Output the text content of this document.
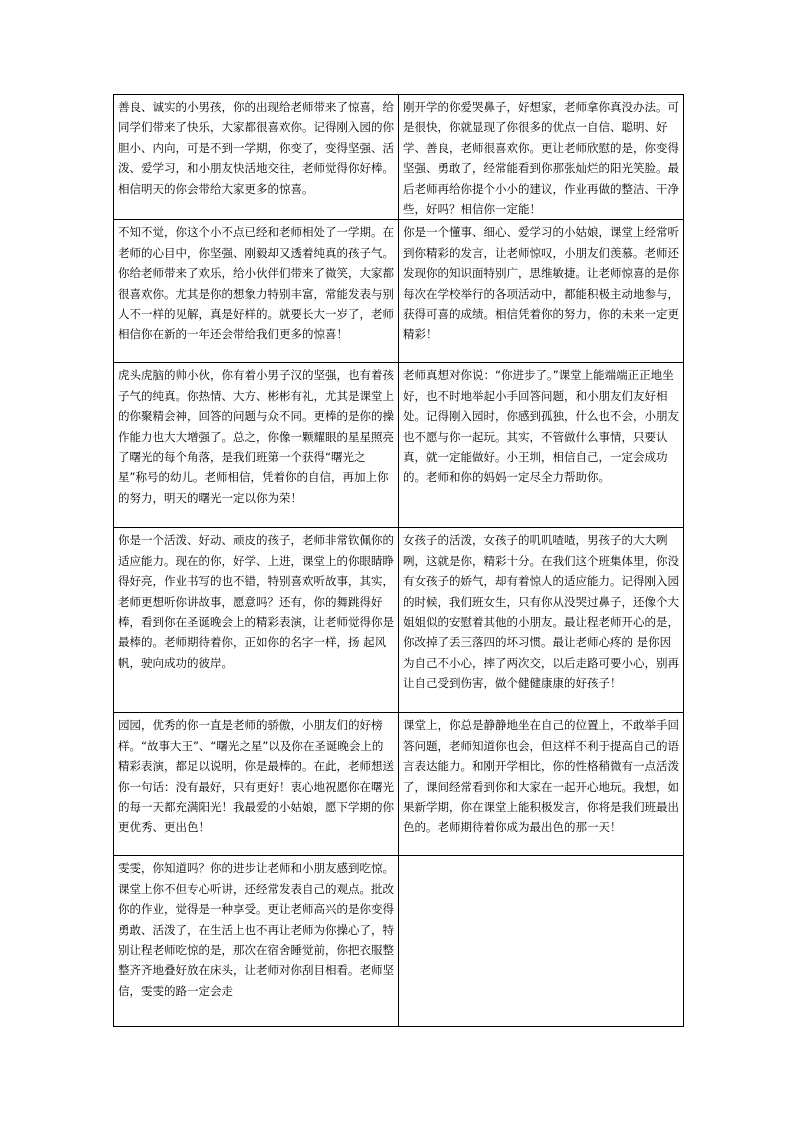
善良、诚实的小男孩，你的出现给老师带来了惊喜，给同学们带来了快乐，大家都很喜欢你。记得刚入园的你胆小、内向，可是不到一学期，你变了，变得坚强、活泼、爱学习，和小朋友快活地交往，老师觉得你好棒。相信明天的你会带给大家更多的惊喜。	刚开学的你爱哭鼻子，好想家，老师拿你真没办法。可是很快，你就显现了你很多的优点一自信、聪明、好学、善良，老师很喜欢你。更让老师欣慰的是，你变得坚强、勇敢了，经常能看到你那张灿烂的阳光笑脸。最后老师再给你提个小小的建议，作业再做的整洁、干净些，好吗？相信你一定能！
不知不觉，你这个小不点已经和老师相处了一学期。在老师的心目中，你坚强、刚毅却又透着纯真的孩子气。你给老师带来了欢乐，给小伙伴们带来了微笑，大家都很喜欢你。尤其是你的想象力特别丰富，常能发表与别人不一样的见解，真是好样的。就要长大一岁了，老师相信你在新的一年还会带给我们更多的惊喜！	你是一个懂事、细心、爱学习的小姑娘，课堂上经常听到你精彩的发言，让老师惊叹，小朋友们羡慕。老师还发现你的知识面特别广，思维敏捷。让老师惊喜的是你每次在学校举行的各项活动中，都能积极主动地参与，获得可喜的成绩。相信凭着你的努力，你的未来一定更精彩！
虎头虎脑的帅小伙，你有着小男子汉的坚强，也有着孩子气的纯真。你热情、大方、彬彬有礼，尤其是课堂上的你聚精会神，回答的问题与众不同。更棒的是你的操作能力也大大增强了。总之，你像一颗耀眼的星星照亮了曙光的每个角落，是我们班第一个获得“曙光之星”称号的幼儿。老师相信，凭着你的自信，再加上你的努力，明天的曙光一定以你为荣！	老师真想对你说：“你进步了。”课堂上能端端正正地坐好，也不时地举起小手回答问题，和小朋友们友好相处。记得刚入园时，你感到孤独，什么也不会，小朋友也不愿与你一起玩。其实，不管做什么事情，只要认真，就一定能做好。小王圳，相信自己，一定会成功的。老师和你的妈妈一定尽全力帮助你。
你是一个活泼、好动、顽皮的孩子，老师非常钦佩你的适应能力。现在的你，好学、上进，课堂上的你眼睛睁得好亮，作业书写的也不错，特别喜欢听故事，其实，老师更想听你讲故事，愿意吗？还有，你的舞跳得好棒，看到你在圣诞晚会上的精彩表演，让老师觉得你是最棒的。老师期待着你，正如你的名字一样，扬 起风帆，驶向成功的彼岸。	女孩子的活泼，女孩子的叽叽喳喳，男孩子的大大咧咧，这就是你，精彩十分。在我们这个班集体里，你没有女孩子的娇气，却有着惊人的适应能力。记得刚入园的时候，我们班女生，只有你从没哭过鼻子，还像个大姐姐似的安慰着其他的小朋友。最让程老师开心的是，你改掉了丢三落四的坏习惯。最让老师心疼的 是你因为自己不小心，摔了两次交，以后走路可要小心，别再让自己受到伤害，做个健健康康的好孩子！
园园，优秀的你一直是老师的骄傲，小朋友们的好榜样。“故事大王”、“曙光之星”以及你在圣诞晚会上的精彩表演，都足以说明，你是最棒的。在此，老师想送你一句话：没有最好，只有更好！衷心地祝愿你在曙光的每一天都充满阳光！我最爱的小姑娘，愿下学期的你更优秀、更出色！	课堂上，你总是静静地坐在自己的位置上，不敢举手回答问题，老师知道你也会，但这样不利于提高自己的语言表达能力。和刚开学相比，你的性格稍微有一点活泼了，课间经常看到你和大家在一起开心地玩。我想，如果新学期，你在课堂上能积极发言，你将是我们班最出色的。老师期待着你成为最出色的那一天！

雯雯，你知道吗？你的进步让老师和小朋友感到吃惊。课堂上你不但专心听讲，还经常发表自己的观点。批改你的作业，觉得是一种享受。更让老师高兴的是你变得勇敢、活泼了，在生活上也不再让老师为你操心了，特别让程老师吃惊的是，那次在宿舍睡觉前，你把衣服整整齐齐地叠好放在床头，让老师对你刮目相看。老师坚信，雯雯的路一定会走	
